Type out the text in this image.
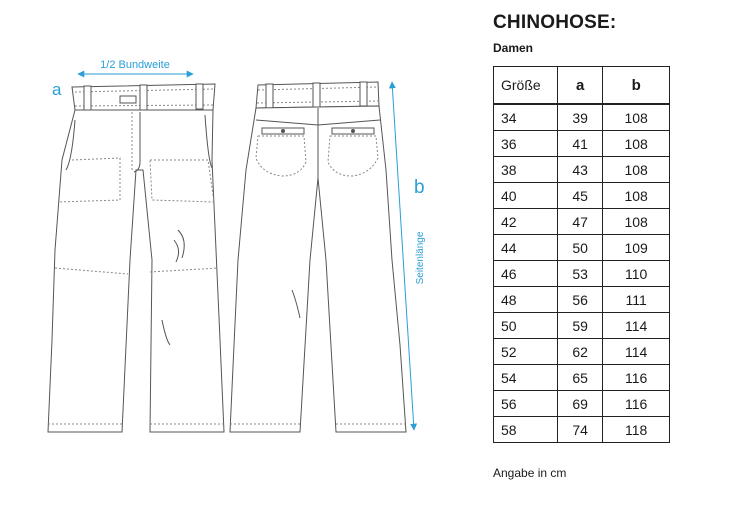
1/2 Bundweite
a
Seitenlänge
b
CHINOHOSE:
Damen
Größe	a	b
34	39	108
36	41	108
38	43	108
40	45	108
42	47	108
44	50	109
46	53	110
48	56	111
50	59	114
52	62	114
54	65	116
56	69	116
58	74	118
Angabe in cm
